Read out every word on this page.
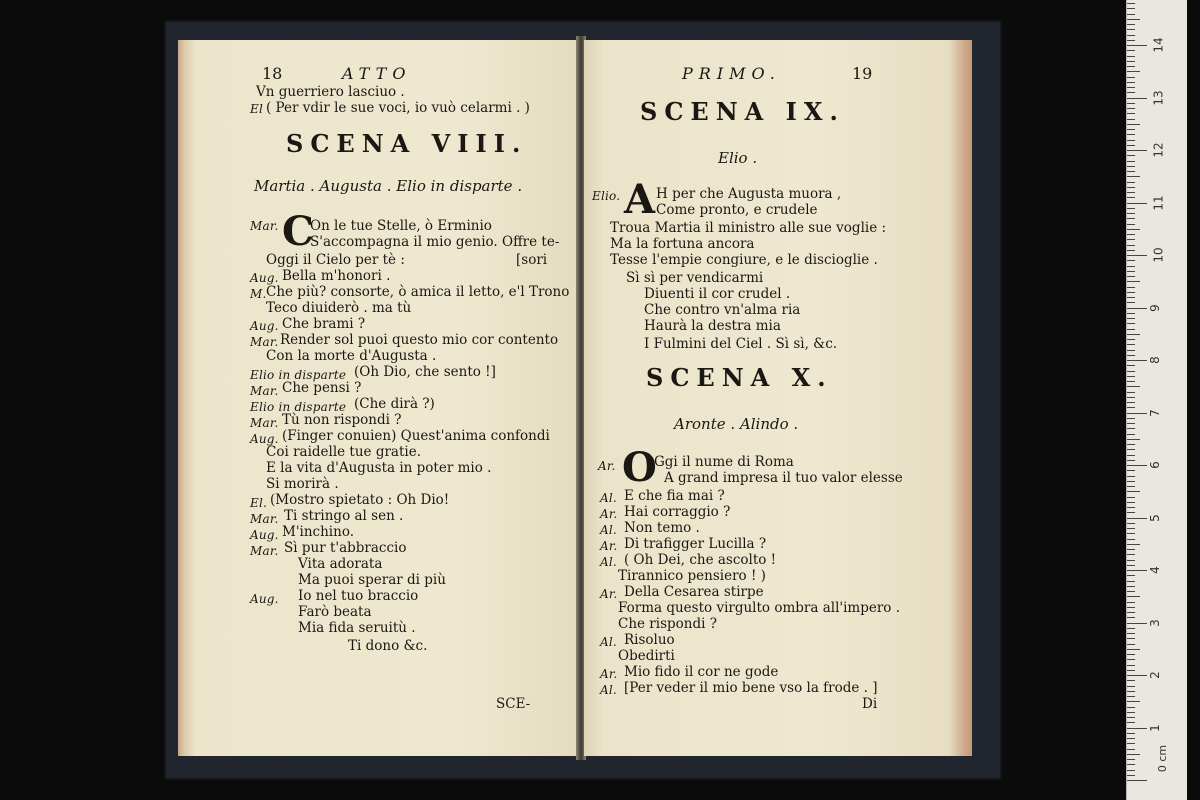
18	ATTO
Vn guerriero lasciuo .
El ( Per vdir le sue voci, io vuò celarmi . )
SCENA VIII.
Martia . Augusta . Elio in disparte .
Mar. C
On le tue Stelle, ò Erminio
S'accompagna il mio genio. Offre te-
Oggi il Cielo per tè :	[sori
Aug. Bella m'honori .
M. Che più? consorte, ò amica il letto, e'l Trono
Teco diuiderò . ma tù
Aug. Che brami ?
Mar. Render sol puoi questo mio cor contento
Con la morte d'Augusta .
Elio in disparte (Oh Dio, che sento !]
Mar. Che pensi ?
Elio in disparte (Che dirà ?)
Mar. Tù non rispondi ?
Aug. (Finger conuien) Quest'anima confondi
Coi raidelle tue gratie.
E la vita d'Augusta in poter mio .
Si morirà .
El. (Mostro spietato : Oh Dio!
Mar. Ti stringo al sen .
Aug. M'inchino.
Mar. Sì pur t'abbraccio
Vita adorata
Ma puoi sperar di più
Aug. Io nel tuo braccio
Farò beata
Mia fida seruitù .
Ti dono &c.
SCE-
PRIMO.	19
SCENA IX.
Elio .
Elio. A H per che Augusta muora ,
Come pronto, e crudele
Troua Martia il ministro alle sue voglie :
Ma la fortuna ancora
Tesse l'empie congiure, e le discioglie .
Sì sì per vendicarmi
Diuenti il cor crudel .
Che contro vn'alma ria
Haurà la destra mia
I Fulmini del Ciel . Sì sì, &c.
SCENA X.
Aronte . Alindo .
Ar. O
Ggi il nume di Roma
A grand impresa il tuo valor elesse
Al. E che fia mai ?
Ar. Hai corraggio ?
Al. Non temo .
Ar. Di trafigger Lucilla ?
Al. ( Oh Dei, che ascolto !
Tirannico pensiero ! )
Ar. Della Cesarea stirpe
Forma questo virgulto ombra all'impero .
Che rispondi ?
Al. Risoluo
Obedirti
Ar. Mio fido il cor ne gode
Al. [Per veder il mio bene vso la frode . ]
Di
0 cm
1
2
3
4
5
6
7
8
9
10
11
12
13
14
